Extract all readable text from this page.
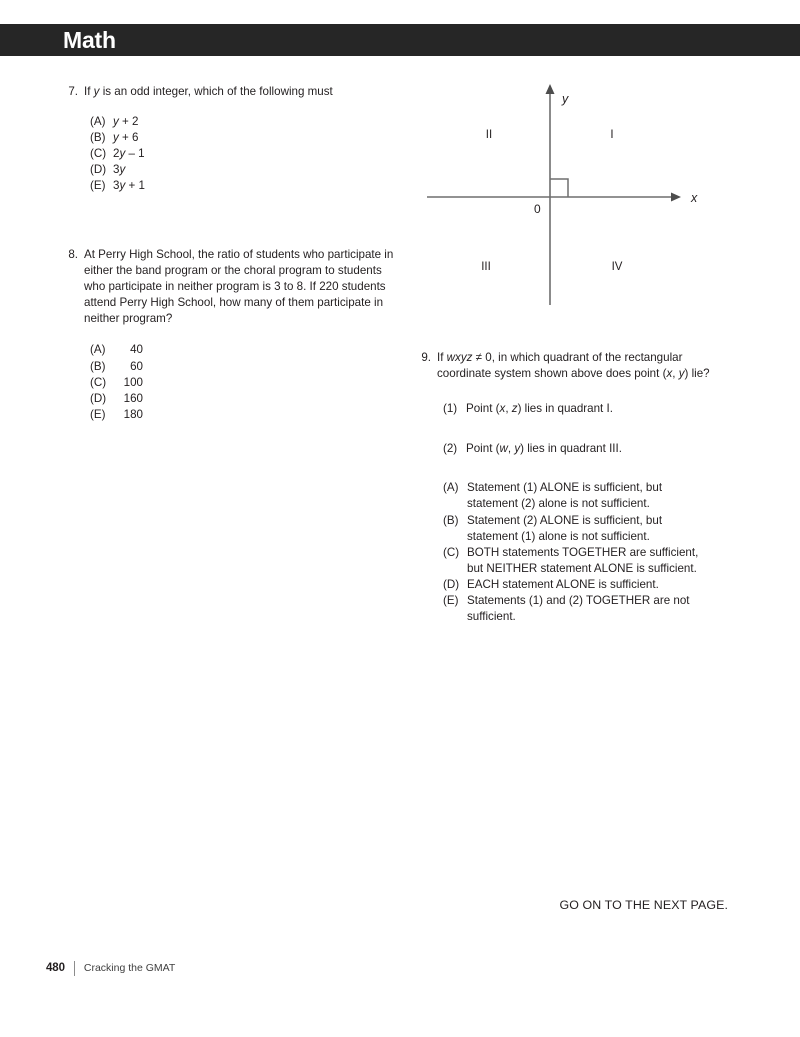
Math
7. If y is an odd integer, which of the following must
(A) y + 2
(B) y + 6
(C) 2y – 1
(D) 3y
(E) 3y + 1
8. At Perry High School, the ratio of students who participate in either the band program or the choral program to students who participate in neither program is 3 to 8. If 220 students attend Perry High School, how many of them participate in neither program?
(A)	40
(B)	60
(C)	100
(D)	160
(E)	180
x
y
0
I
II
III	IV
9. If wxyz ≠ 0, in which quadrant of the rectangular coordinate system shown above does point (x, y) lie?
(1) Point (x, z) lies in quadrant I.
(2) Point (w, y) lies in quadrant III.
(A) Statement (1) ALONE is sufficient, but statement (2) alone is not sufficient.
(B) Statement (2) ALONE is sufficient, but statement (1) alone is not sufficient.
(C) BOTH statements TOGETHER are sufficient, but NEITHER statement ALONE is sufficient.
(D) EACH statement ALONE is sufficient.
(E) Statements (1) and (2) TOGETHER are not sufficient.
GO ON TO THE NEXT PAGE.
480 Cracking the GMAT
